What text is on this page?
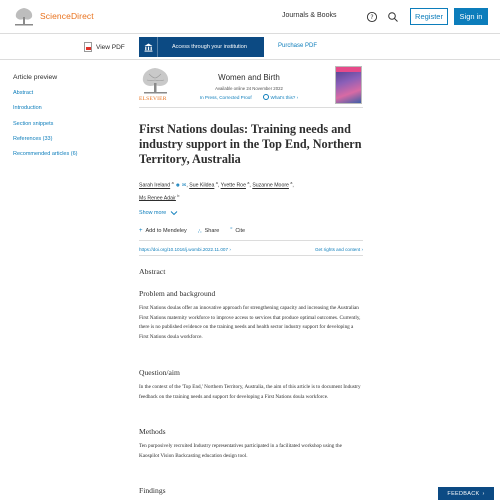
ScienceDirect	Journals & Books	?	Register	Sign in
View PDF	Access through your institution	Purchase PDF
Article preview
Abstract
Introduction
Section snippets
References (33)
Recommended articles (6)
ELSEVIER
Women and Birth
Available online 24 November 2022
In Press, Corrected Proof	What's this? ›
First Nations doulas: Training needs and industry support in the Top End, Northern Territory, Australia
Sarah Ireland $^a$ ☻ ✉, Sue Kildea $^a$, Yvette Roe $^a$, Suzanne Moore $^a$,
Ms Renee Adair $^b$
Show more
+ Add to Mendeley ∴ Share ” Cite
https://doi.org/10.1016/j.wombi.2022.11.007 ›	Get rights and content ›
Abstract
Problem and background

First Nations doulas offer an innovative approach for strengthening capacity and increasing the Australian First Nations maternity workforce to improve access to services that produce optimal outcomes. Currently, there is no published evidence on the training needs and health sector industry support for developing a First Nations doula workforce.

Question/aim

In the context of the 'Top End,' Northern Territory, Australia, the aim of this article is to document Industry feedback on the training needs and support for developing a First Nations doula workforce.

Methods

Ten purposively recruited Industry representatives participated in a facilitated workshop using the Kaospilot Vision Backcasting education design tool.

Findings	FEEDBACK ›
